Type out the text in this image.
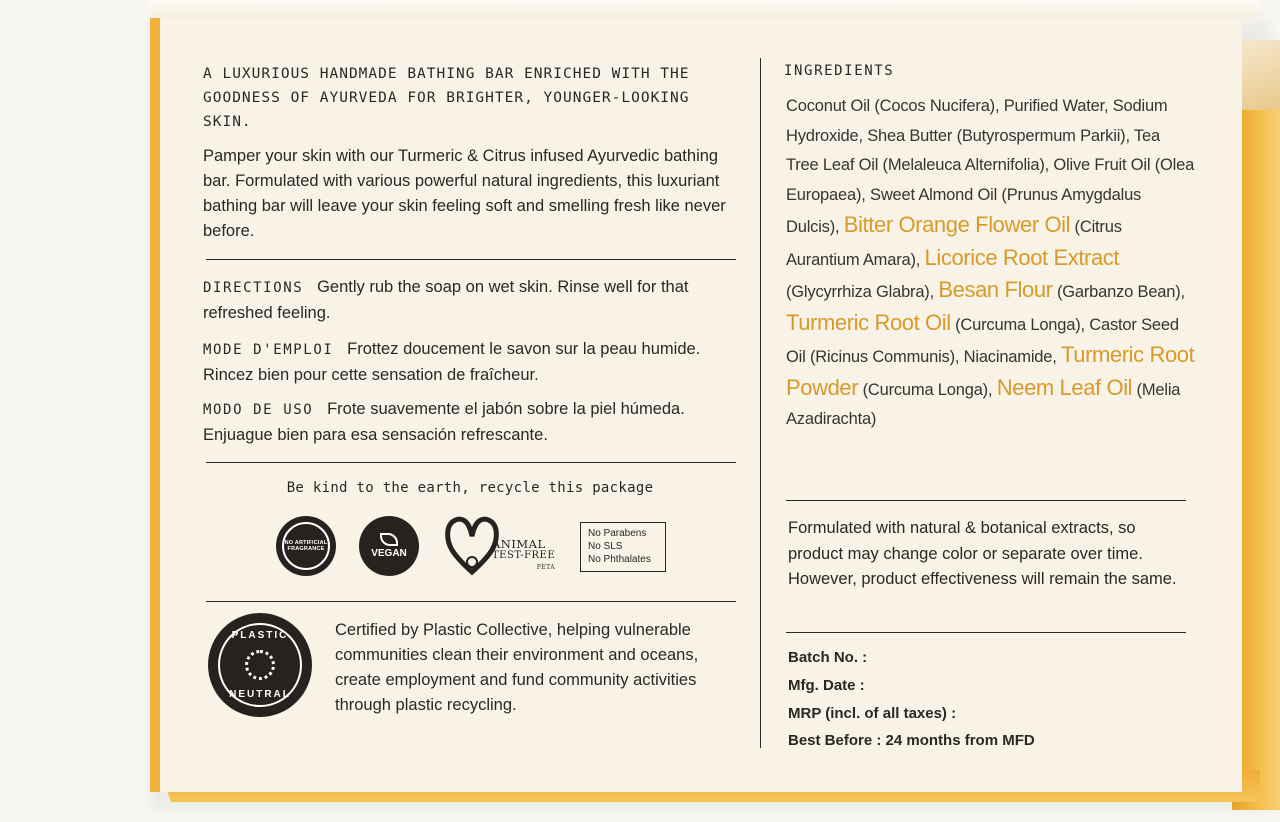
A LUXURIOUS HANDMADE BATHING BAR ENRICHED WITH THE GOODNESS OF AYURVEDA FOR BRIGHTER, YOUNGER-LOOKING SKIN.
Pamper your skin with our Turmeric & Citrus infused Ayurvedic bathing bar. Formulated with various powerful natural ingredients, this luxuriant bathing bar will leave your skin feeling soft and smelling fresh like never before.
DIRECTIONS Gently rub the soap on wet skin. Rinse well for that refreshed feeling.
MODE D'EMPLOI Frottez doucement le savon sur la peau humide. Rincez bien pour cette sensation de fraîcheur.
MODO DE USO Frote suavemente el jabón sobre la piel húmeda. Enjuague bien para esa sensación refrescante.
Be kind to the earth, recycle this package
NO ARTIFICIAL FRAGRANCE	VEGAN
ANIMAL
TEST-FREE
PETA
No Parabens
No SLS
No Phthalates
PLASTIC
NEUTRAL
Certified by Plastic Collective, helping vulnerable communities clean their environment and oceans, create employment and fund community activities through plastic recycling.
INGREDIENTS
Coconut Oil (Cocos Nucifera), Purified Water, Sodium Hydroxide, Shea Butter (Butyrospermum Parkii), Tea Tree Leaf Oil (Melaleuca Alternifolia), Olive Fruit Oil (Olea Europaea), Sweet Almond Oil (Prunus Amygdalus Dulcis), Bitter Orange Flower Oil (Citrus Aurantium Amara), Licorice Root Extract (Glycyrrhiza Glabra), Besan Flour (Garbanzo Bean), Turmeric Root Oil (Curcuma Longa), Castor Seed Oil (Ricinus Communis), Niacinamide, Turmeric Root Powder (Curcuma Longa), Neem Leaf Oil (Melia Azadirachta)
Formulated with natural & botanical extracts, so product may change color or separate over time. However, product effectiveness will remain the same.
Batch No. :
Mfg. Date :
MRP (incl. of all taxes) :
Best Before : 24 months from MFD
